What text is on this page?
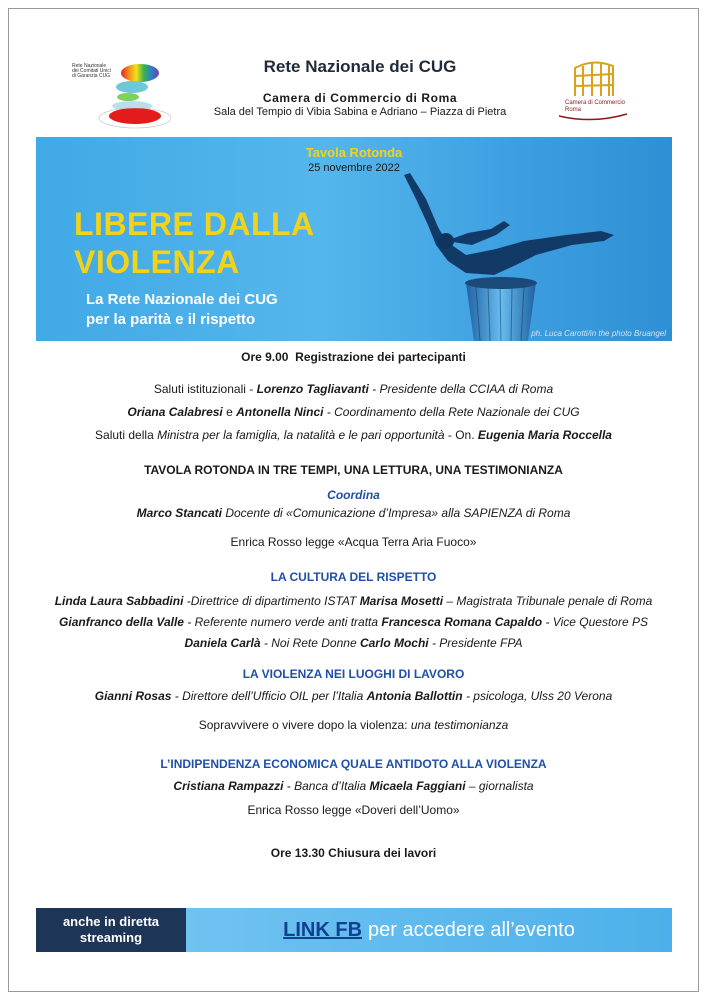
Rete Nazionale dei Comitati Unici di Garanzia CUG	Rete Nazionale dei CUG
Camera di Commercio di Roma
Sala del Tempio di Vibia Sabina e Adriano – Piazza di Pietra
Camera di Commercio Roma
Tavola Rotonda
25 novembre 2022
LIBERE DALLA
VIOLENZA
La Rete Nazionale dei CUG
per la parità e il rispetto
ph. Luca Carotti/in the photo Bruangel
Ore 9.00 Registrazione dei partecipanti
Saluti istituzionali - Lorenzo Tagliavanti - Presidente della CCIAA di Roma
Oriana Calabresi e Antonella Ninci - Coordinamento della Rete Nazionale dei CUG
Saluti della Ministra per la famiglia, la natalità e le pari opportunità - On. Eugenia Maria Roccella
TAVOLA ROTONDA IN TRE TEMPI, UNA LETTURA, UNA TESTIMONIANZA
Coordina
Marco Stancati Docente di «Comunicazione d’Impresa» alla SAPIENZA di Roma
Enrica Rosso legge «Acqua Terra Aria Fuoco»
LA CULTURA DEL RISPETTO
Linda Laura Sabbadini -Direttrice di dipartimento ISTAT Marisa Mosetti – Magistrata Tribunale penale di Roma
Gianfranco della Valle - Referente numero verde anti tratta Francesca Romana Capaldo - Vice Questore PS
Daniela Carlà - Noi Rete Donne Carlo Mochi - Presidente FPA
LA VIOLENZA NEI LUOGHI DI LAVORO
Gianni Rosas - Direttore dell’Ufficio OIL per l’Italia Antonia Ballottin - psicologa, Ulss 20 Verona
Sopravvivere o vivere dopo la violenza: una testimonianza
L’INDIPENDENZA ECONOMICA QUALE ANTIDOTO ALLA VIOLENZA
Cristiana Rampazzi - Banca d’Italia Micaela Faggiani – giornalista
Enrica Rosso legge «Doveri dell’Uomo»
Ore 13.30 Chiusura dei lavori
anche in diretta
streaming	LINK FB per accedere all’evento
